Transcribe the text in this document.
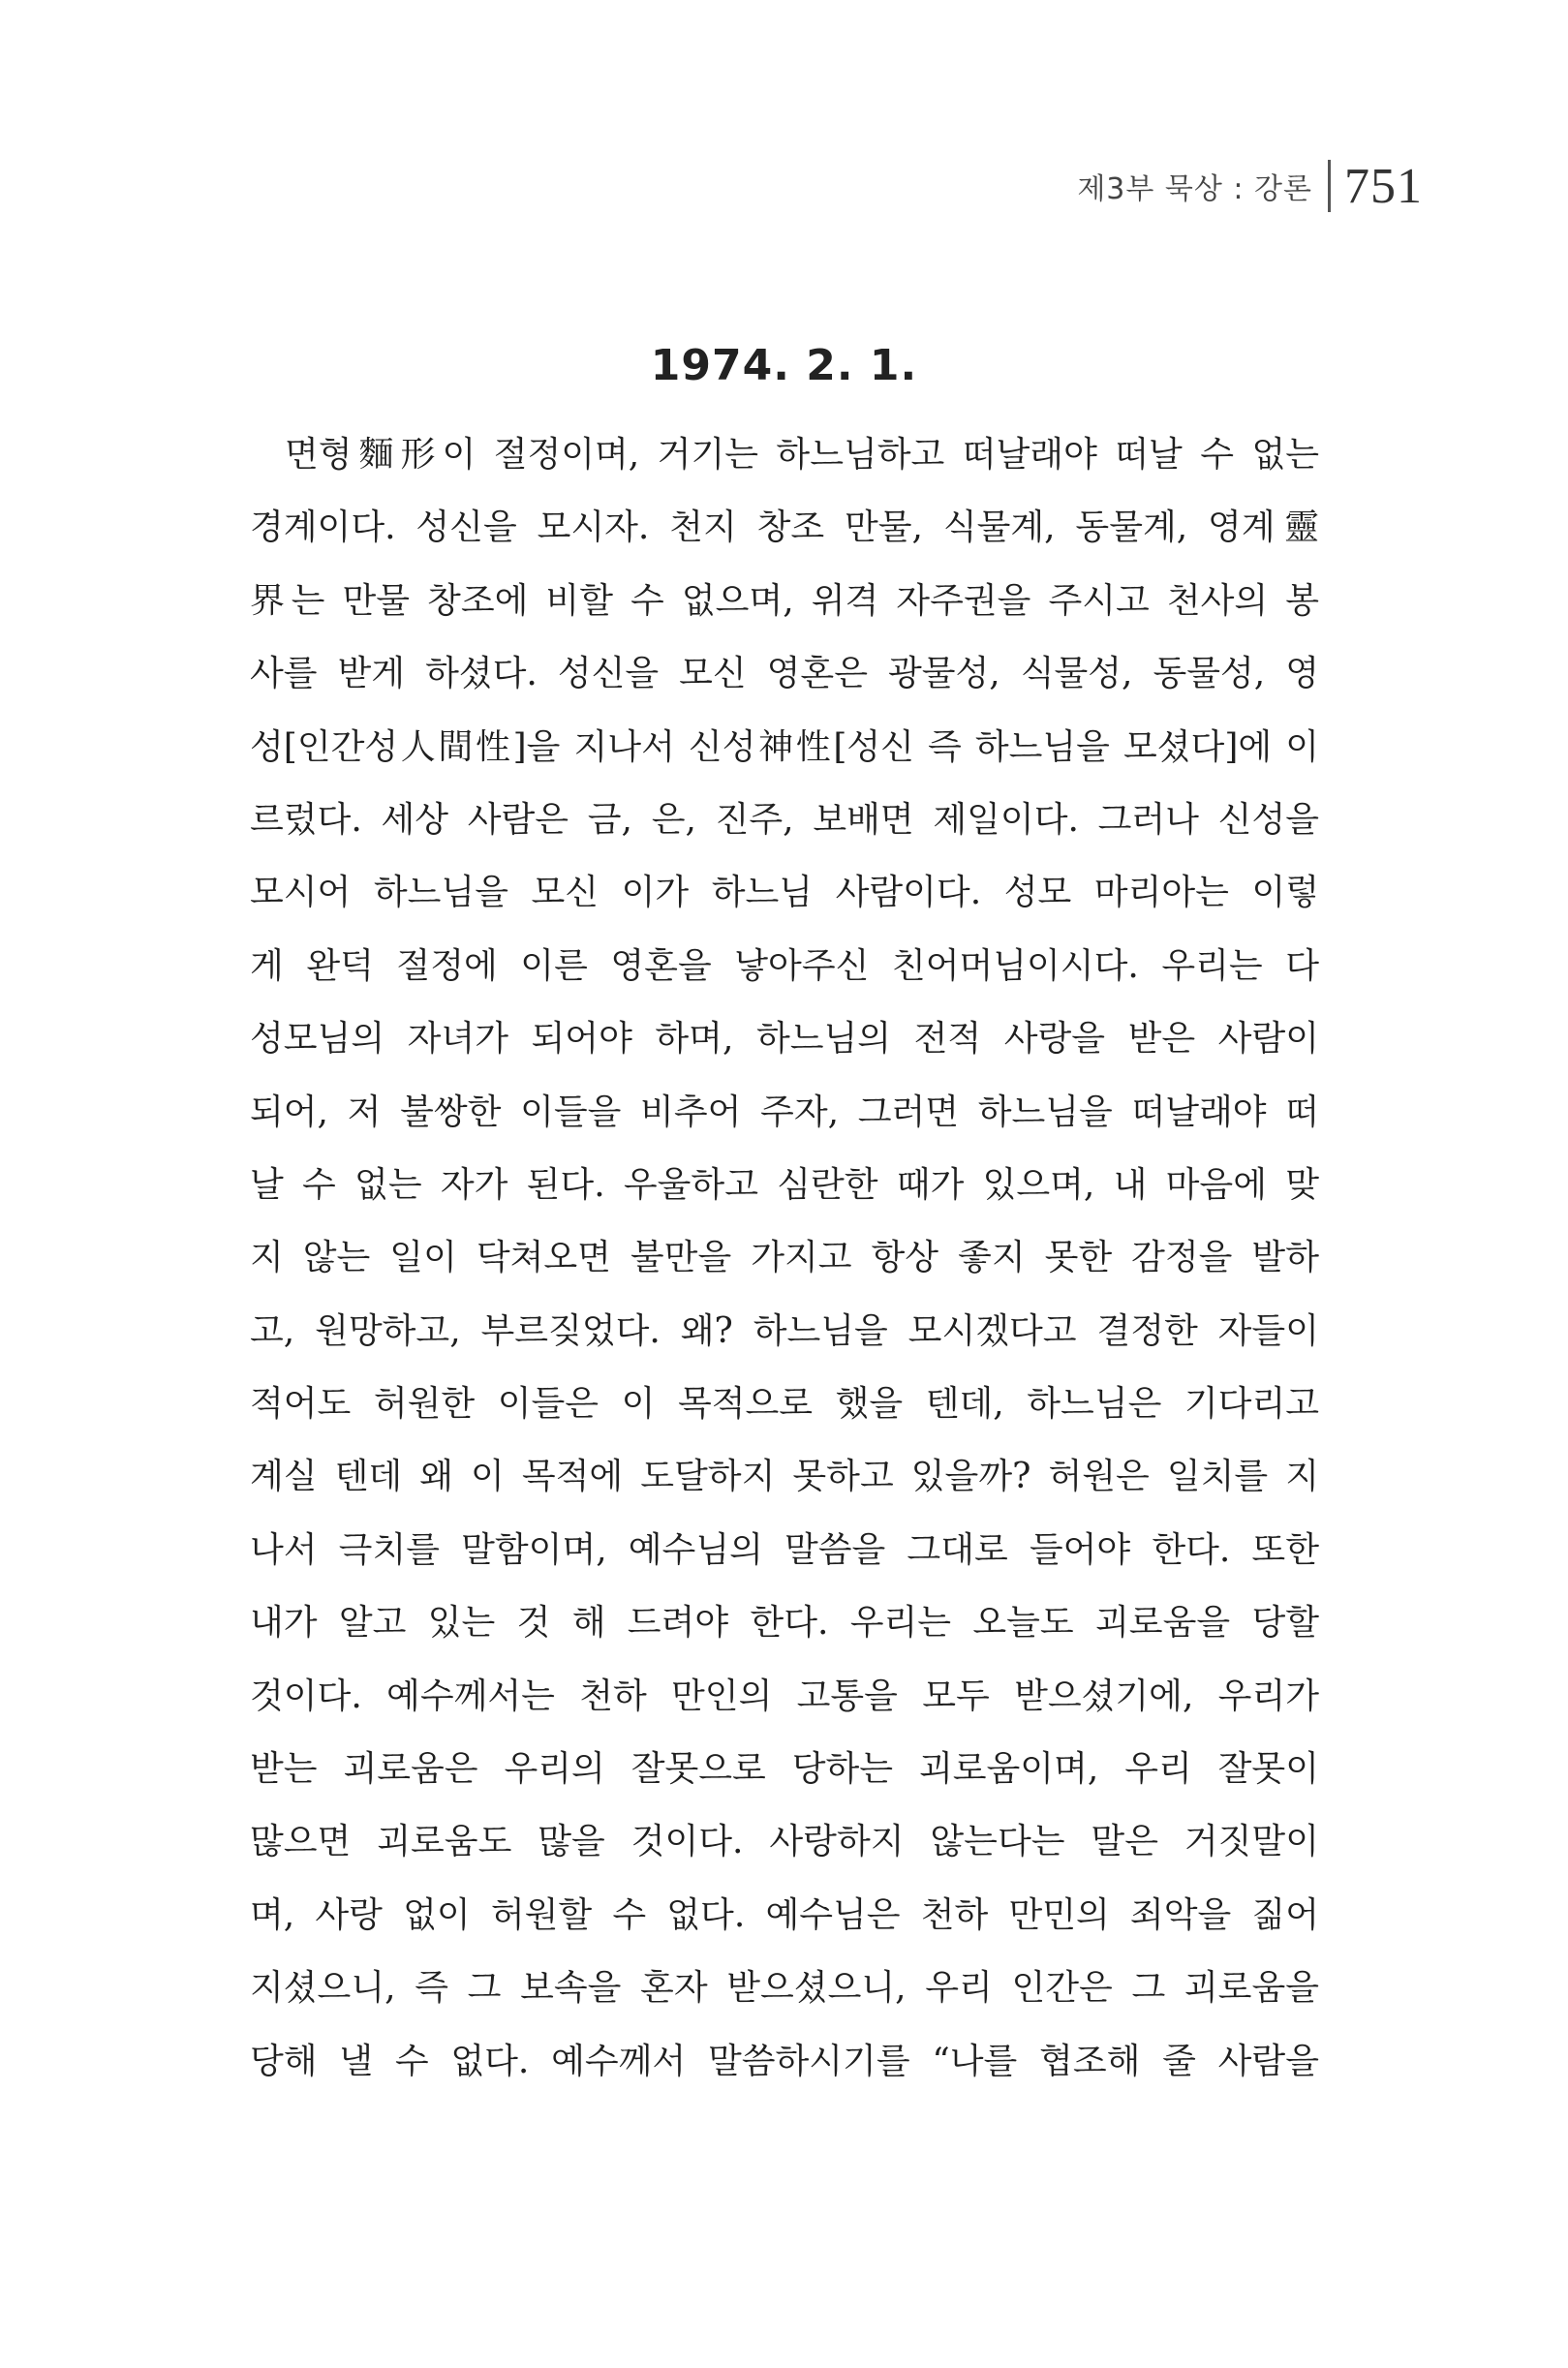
제3부 묵상 : 강론 751
1974. 2. 1.
면형麵形이 절정이며, 거기는 하느님하고 떠날래야 떠날 수 없는
경계이다. 성신을 모시자. 천지 창조 만물, 식물계, 동물계, 영계靈
界는 만물 창조에 비할 수 없으며, 위격 자주권을 주시고 천사의 봉
사를 받게 하셨다. 성신을 모신 영혼은 광물성, 식물성, 동물성, 영
성[인간성人間性]을 지나서 신성神性[성신 즉 하느님을 모셨다]에 이
르렀다. 세상 사람은 금, 은, 진주, 보배면 제일이다. 그러나 신성을
모시어 하느님을 모신 이가 하느님 사람이다. 성모 마리아는 이렇
게 완덕 절정에 이른 영혼을 낳아주신 친어머님이시다. 우리는 다
성모님의 자녀가 되어야 하며, 하느님의 전적 사랑을 받은 사람이
되어, 저 불쌍한 이들을 비추어 주자, 그러면 하느님을 떠날래야 떠
날 수 없는 자가 된다. 우울하고 심란한 때가 있으며, 내 마음에 맞
지 않는 일이 닥쳐오면 불만을 가지고 항상 좋지 못한 감정을 발하
고, 원망하고, 부르짖었다. 왜? 하느님을 모시겠다고 결정한 자들이
적어도 허원한 이들은 이 목적으로 했을 텐데, 하느님은 기다리고
계실 텐데 왜 이 목적에 도달하지 못하고 있을까? 허원은 일치를 지
나서 극치를 말함이며, 예수님의 말씀을 그대로 들어야 한다. 또한
내가 알고 있는 것 해 드려야 한다. 우리는 오늘도 괴로움을 당할
것이다. 예수께서는 천하 만인의 고통을 모두 받으셨기에, 우리가
받는 괴로움은 우리의 잘못으로 당하는 괴로움이며, 우리 잘못이
많으면 괴로움도 많을 것이다. 사랑하지 않는다는 말은 거짓말이
며, 사랑 없이 허원할 수 없다. 예수님은 천하 만민의 죄악을 짊어
지셨으니, 즉 그 보속을 혼자 받으셨으니, 우리 인간은 그 괴로움을
당해 낼 수 없다. 예수께서 말씀하시기를 “나를 협조해 줄 사람을
